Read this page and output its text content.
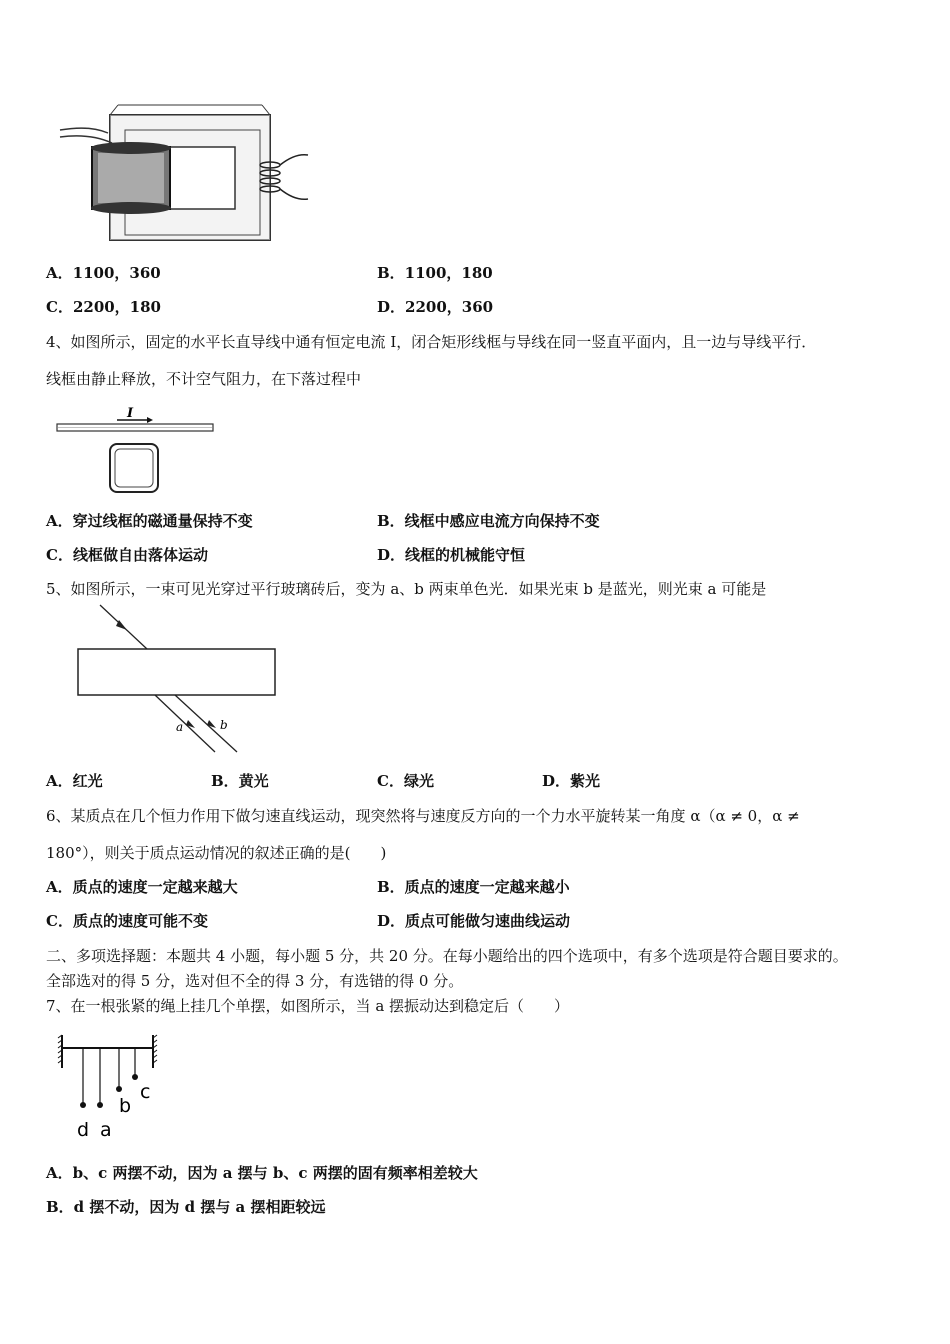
A．1100，360	B．1100，180
C．2200，180	D．2200，360
4、如图所示，固定的水平长直导线中通有恒定电流 I，闭合矩形线框与导线在同一竖直平面内，且一边与导线平行．
线框由静止释放，不计空气阻力，在下落过程中
I
A．穿过线框的磁通量保持不变	B．线框中感应电流方向保持不变
C．线框做自由落体运动	D．线框的机械能守恒
5、如图所示，一束可见光穿过平行玻璃砖后，变为 a、b 两束单色光．如果光束 b 是蓝光，则光束 a 可能是
a	b
A．红光	B．黄光	C．绿光	D．紫光
6、某质点在几个恒力作用下做匀速直线运动，现突然将与速度反方向的一个力水平旋转某一角度 α（α ≠ 0，α ≠
180°），则关于质点运动情况的叙述正确的是(　　)
A．质点的速度一定越来越大	B．质点的速度一定越来越小
C．质点的速度可能不变	D．质点可能做匀速曲线运动
二、多项选择题：本题共 4 小题，每小题 5 分，共 20 分。在每小题给出的四个选项中，有多个选项是符合题目要求的。
全部选对的得 5 分，选对但不全的得 3 分，有选错的得 0 分。
7、在一根张紧的绳上挂几个单摆，如图所示，当 a 摆振动达到稳定后（　　）
d a
b
c
A．b、c 两摆不动，因为 a 摆与 b、c 两摆的固有频率相差较大
B．d 摆不动，因为 d 摆与 a 摆相距较远
